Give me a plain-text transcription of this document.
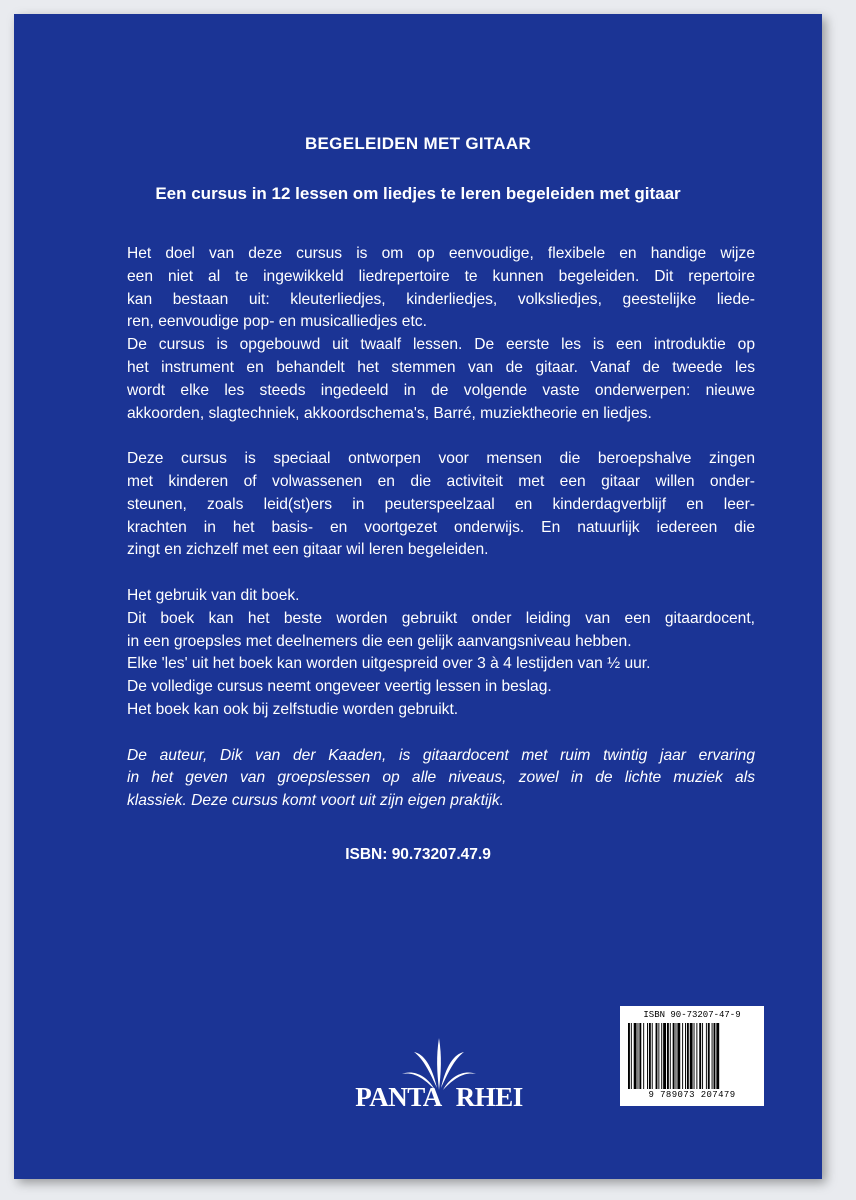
BEGELEIDEN MET GITAAR
Een cursus in 12 lessen om liedjes te leren begeleiden met gitaar
Het doel van deze cursus is om op eenvoudige, flexibele en handige wijze
een niet al te ingewikkeld liedrepertoire te kunnen begeleiden. Dit repertoire
kan bestaan uit: kleuterliedjes, kinderliedjes, volksliedjes, geestelijke liede-
ren, eenvoudige pop- en musicalliedjes etc.
De cursus is opgebouwd uit twaalf lessen. De eerste les is een introduktie op
het instrument en behandelt het stemmen van de gitaar. Vanaf de tweede les
wordt elke les steeds ingedeeld in de volgende vaste onderwerpen: nieuwe
akkoorden, slagtechniek, akkoordschema's, Barré, muziektheorie en liedjes.
Deze cursus is speciaal ontworpen voor mensen die beroepshalve zingen
met kinderen of volwassenen en die activiteit met een gitaar willen onder-
steunen, zoals leid(st)ers in peuterspeelzaal en kinderdagverblijf en leer-
krachten in het basis- en voortgezet onderwijs. En natuurlijk iedereen die
zingt en zichzelf met een gitaar wil leren begeleiden.
Het gebruik van dit boek.
Dit boek kan het beste worden gebruikt onder leiding van een gitaardocent,
in een groepsles met deelnemers die een gelijk aanvangsniveau hebben.
Elke 'les' uit het boek kan worden uitgespreid over 3 à 4 lestijden van ½ uur.
De volledige cursus neemt ongeveer veertig lessen in beslag.
Het boek kan ook bij zelfstudie worden gebruikt.
De auteur, Dik van der Kaaden, is gitaardocent met ruim twintig jaar ervaring
in het geven van groepslessen op alle niveaus, zowel in de lichte muziek als
klassiek. Deze cursus komt voort uit zijn eigen praktijk.
ISBN: 90.73207.47.9
PANTA RHEI
ISBN 90-73207-47-9
9 789073 207479
